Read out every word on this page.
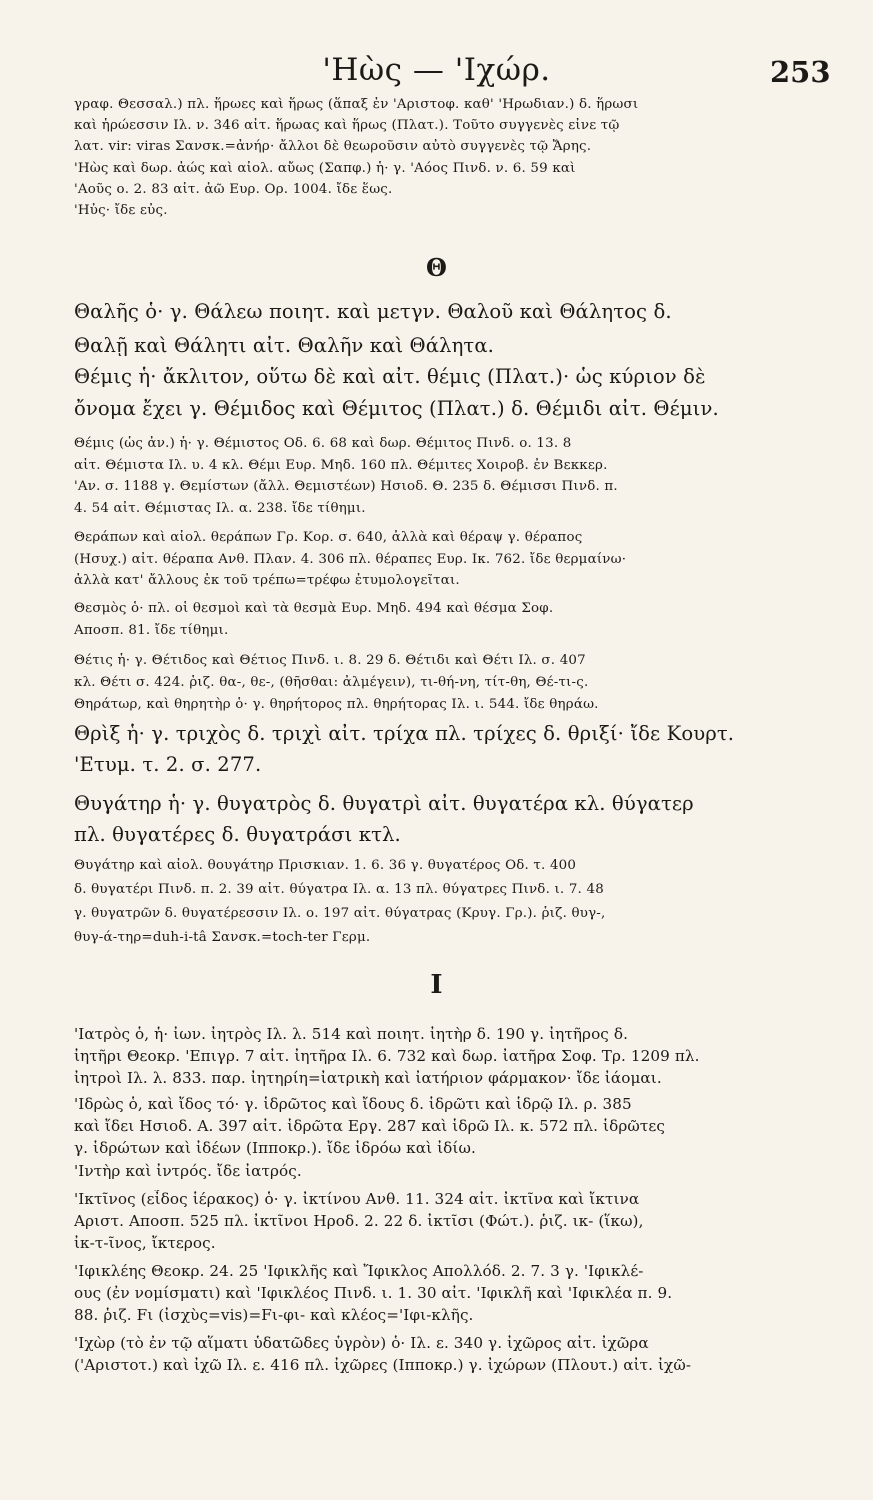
'Ηὼς — 'Ιχώρ.	253
γραφ. Θεσσαλ.) πλ. ἥρωες καὶ ἥρως (ἅπαξ ἐν 'Αριστοφ. καθ' 'Ηρωδιαν.) δ. ἥρωσι
καὶ ἡρώεσσιν Ιλ. ν. 346 αἰτ. ἥρωας καὶ ἥρως (Πλατ.). Τοῦτο συγγενὲς εἶνε τῷ
λατ. vir: viras Σανσκ.=ἀνήρ· ἄλλοι δὲ θεωροῦσιν αὐτὸ συγγενὲς τῷ Ἄρης.
'Ηὼς καὶ δωρ. ἀώς καὶ αἰολ. αὔως (Σαπφ.) ἡ· γ. 'Αόος Πινδ. ν. 6. 59 καὶ
'Αοῦς ο. 2. 83 αἰτ. ἀῶ Ευρ. Ορ. 1004. ἴδε ἕως.
'Ηὐς· ἴδε εὐς.
Θ
Θαλῆς ὁ· γ. Θάλεω ποιητ. καὶ μετγν. Θαλοῦ καὶ Θάλητος δ.
Θαλῇ καὶ Θάλητι αἰτ. Θαλῆν καὶ Θάλητα.
Θέμις ἡ· ἄκλιτον, οὕτω δὲ καὶ αἰτ. θέμις (Πλατ.)· ὡς κύριον δὲ
ὄνομα ἔχει γ. Θέμιδος καὶ Θέμιτος (Πλατ.) δ. Θέμιδι αἰτ. Θέμιν.
Θέμις (ὡς ἀν.) ἡ· γ. Θέμιστος Οδ. 6. 68 καὶ δωρ. Θέμιτος Πινδ. ο. 13. 8
αἰτ. Θέμιστα Ιλ. υ. 4 κλ. Θέμι Ευρ. Μηδ. 160 πλ. Θέμιτες Χοιροβ. ἐν Βεκκερ.
'Αν. σ. 1188 γ. Θεμίστων (ἄλλ. Θεμιστέων) Ησιοδ. Θ. 235 δ. Θέμισσι Πινδ. π.
4. 54 αἰτ. Θέμιστας Ιλ. α. 238. ἴδε τίθημι.
Θεράπων καὶ αἰολ. θεράπων Γρ. Κορ. σ. 640, ἀλλὰ καὶ θέραψ γ. θέραπος
(Ησυχ.) αἰτ. θέραπα Ανθ. Πλαν. 4. 306 πλ. θέραπες Ευρ. Ικ. 762. ἴδε θερμαίνω·
ἀλλὰ κατ' ἄλλους ἐκ τοῦ τρέπω=τρέφω ἐτυμολογεῖται.
Θεσμὸς ὁ· πλ. οἱ θεσμοὶ καὶ τὰ θεσμὰ Ευρ. Μηδ. 494 καὶ θέσμα Σοφ.
Αποσπ. 81. ἴδε τίθημι.
Θέτις ἡ· γ. Θέτιδος καὶ Θέτιος Πινδ. ι. 8. 29 δ. Θέτιδι καὶ Θέτι Ιλ. σ. 407
κλ. Θέτι σ. 424. ῥιζ. θα-, θε-, (θῆσθαι: ἀλμέγειν), τι-θή-νη, τίτ-θη, Θέ-τι-ς.
Θηράτωρ, καὶ θηρητὴρ ὁ· γ. θηρήτορος πλ. θηρήτορας Ιλ. ι. 544. ἴδε θηράω.
Θρὶξ ἡ· γ. τριχὸς δ. τριχὶ αἰτ. τρίχα πλ. τρίχες δ. θριξί· ἴδε Κουρτ.
'Ετυμ. τ. 2. σ. 277.
Θυγάτηρ ἡ· γ. θυγατρὸς δ. θυγατρὶ αἰτ. θυγατέρα κλ. θύγατερ
πλ. θυγατέρες δ. θυγατράσι κτλ.
Θυγάτηρ καὶ αἰολ. θουγάτηρ Πρισκιαν. 1. 6. 36 γ. θυγατέρος Οδ. τ. 400
δ. θυγατέρι Πινδ. π. 2. 39 αἰτ. θύγατρα Ιλ. α. 13 πλ. θύγατρες Πινδ. ι. 7. 48
γ. θυγατρῶν δ. θυγατέρεσσιν Ιλ. ο. 197 αἰτ. θύγατρας (Κρυγ. Γρ.). ῥιζ. θυγ-,
θυγ-ά-τηρ=duh-i-tâ Σανσκ.=toch-ter Γερμ.
I
'Ιατρὸς ὁ, ἡ· ἰων. ἰητρὸς Ιλ. λ. 514 καὶ ποιητ. ἰητὴρ δ. 190 γ. ἰητῆρος δ.
ἰητῆρι Θεοκρ. 'Επιγρ. 7 αἰτ. ἰητῆρα Ιλ. 6. 732 καὶ δωρ. ἰατῆρα Σοφ. Τρ. 1209 πλ.
ἰητροὶ Ιλ. λ. 833. παρ. ἰητηρίη=ἰατρικὴ καὶ ἰατήριον φάρμακον· ἴδε ἰάομαι.
'Ιδρὼς ὁ, καὶ ἴδος τό· γ. ἱδρῶτος καὶ ἴδους δ. ἱδρῶτι καὶ ἱδρῷ Ιλ. ρ. 385
καὶ ἴδει Ησιοδ. Α. 397 αἰτ. ἱδρῶτα Εργ. 287 καὶ ἱδρῶ Ιλ. κ. 572 πλ. ἱδρῶτες
γ. ἱδρώτων καὶ ἰδέων (Ιπποκρ.). ἴδε ἱδρόω καὶ ἰδίω.
'Ιντὴρ καὶ ἰντρός. ἴδε ἰατρός.
'Ικτῖνος (εἶδος ἱέρακος) ὁ· γ. ἰκτίνου Ανθ. 11. 324 αἰτ. ἰκτῖνα καὶ ἴκτινα
Αριστ. Αποσπ. 525 πλ. ἰκτῖνοι Ηροδ. 2. 22 δ. ἰκτῖσι (Φώτ.). ῥιζ. ικ- (ἵκω),
ἰκ-τ-ῖνος, ἴκτερος.
'Ιφικλέης Θεοκρ. 24. 25 'Ιφικλῆς καὶ Ἴφικλος Απολλόδ. 2. 7. 3 γ. 'Ιφικλέ-
ους (ἐν νομίσματι) καὶ 'Ιφικλέος Πινδ. ι. 1. 30 αἰτ. 'Ιφικλῆ καὶ 'Ιφικλέα π. 9.
88. ῥιζ. Fι (ἰσχὺς=vis)=Fι-φι- καὶ κλέος='Ιφι-κλῆς.
'Ιχὼρ (τὸ ἐν τῷ αἵματι ὑδατῶδες ὑγρὸν) ὁ· Ιλ. ε. 340 γ. ἰχῶρος αἰτ. ἰχῶρα
('Αριστοτ.) καὶ ἰχῶ Ιλ. ε. 416 πλ. ἰχῶρες (Ιπποκρ.) γ. ἰχώρων (Πλουτ.) αἰτ. ἰχῶ-
